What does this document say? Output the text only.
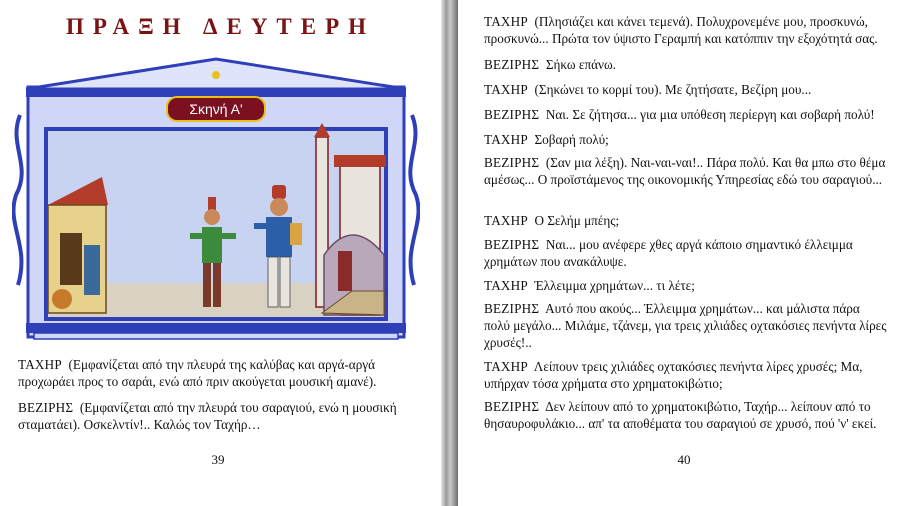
ΠΡΑΞΗ ΔΕΥΤΕΡΗ
Σκηνή Α'

ΤΑΧΗΡ (Εμφανίζεται από την πλευρά της καλύβας και αργά-αργά προχωράει προς το σαράι, ενώ από πριν ακούγεται μουσική αμανέ).

ΒΕΖΙΡΗΣ (Εμφανίζεται από την πλευρά του σαραγιού, ενώ η μουσική σταματάει). Οσκελντίν!.. Καλώς τον Ταχήρ…

39

ΤΑΧΗΡ (Πλησιάζει και κάνει τεμενά). Πολυχρονεμένε μου, προσκυνώ, προσκυνώ... Πρώτα τον ύψιστο Γεραμπή και κατόππιν την εξοχότητά σας.

ΒΕΖΙΡΗΣ Σήκω επάνω.

ΤΑΧΗΡ (Σηκώνει το κορμί του). Με ζητήσατε, Βεζίρη μου...

ΒΕΖΙΡΗΣ Ναι. Σε ζήτησα... για μια υπόθεση περίεργη και σοβαρή πολύ!

ΤΑΧΗΡ Σοβαρή πολύ;

ΒΕΖΙΡΗΣ (Σαν μια λέξη). Ναι-ναι-ναι!.. Πάρα πολύ. Και θα μπω στο θέμα αμέσως... Ο προϊστάμενος της οικονομικής Υπηρεσίας εδώ του σαραγιού...

ΤΑΧΗΡ Ο Σελήμ μπέης;

ΒΕΖΙΡΗΣ Ναι... μου ανέφερε χθες αργά κάποιο σημαντικό έλλειμμα χρημάτων που ανακάλυψε.

ΤΑΧΗΡ Έλλειμμα χρημάτων... τι λέτε;

ΒΕΖΙΡΗΣ Αυτό που ακούς... Έλλειμμα χρημάτων... και μάλιστα πάρα πολύ μεγάλο... Μιλάμε, τζάνεμ, για τρεις χιλιάδες οχτακόσιες πενήντα λίρες χρυσές!..

ΤΑΧΗΡ Λείπουν τρεις χιλιάδες οχτακόσιες πενήντα λίρες χρυσές; Μα, υπήρχαν τόσα χρήματα στο χρηματοκιβώτιο;

ΒΕΖΙΡΗΣ Δεν λείπουν από το χρηματοκιβώτιο, Ταχήρ... λείπουν από το θησαυροφυλάκιο... απ' τα αποθέματα του σαραγιού σε χρυσό, πού 'ν' εκεί.

40
